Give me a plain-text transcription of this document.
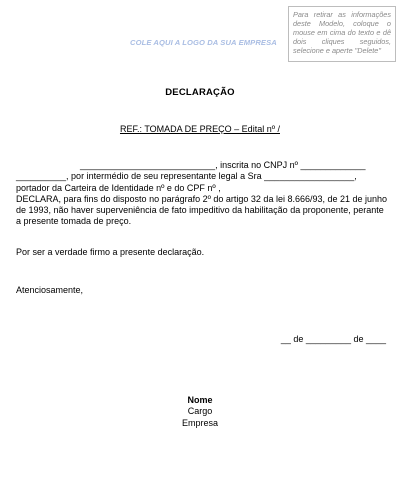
COLE AQUI A LOGO DA SUA EMPRESA
Para retirar as informações deste Modelo, coloque o mouse em cima do texto e dê dois cliques seguidos, selecione e aperte "Delete"
DECLARAÇÃO
REF.: TOMADA DE PREÇO – Edital nº /
___________________________, inscrita no CNPJ nº _____________
__________, por intermédio de seu representante legal a Sra __________________,
portador da Carteira de Identidade nº e do CPF nº ,
DECLARA, para fins do disposto no parágrafo 2º do artigo 32 da lei 8.666/93, de 21 de junho
de 1993, não haver superveniência de fato impeditivo da habilitação da proponente, perante
a presente tomada de preço.
Por ser a verdade firmo a presente declaração.
Atenciosamente,
__ de _________ de ____
Nome
Cargo
Empresa
